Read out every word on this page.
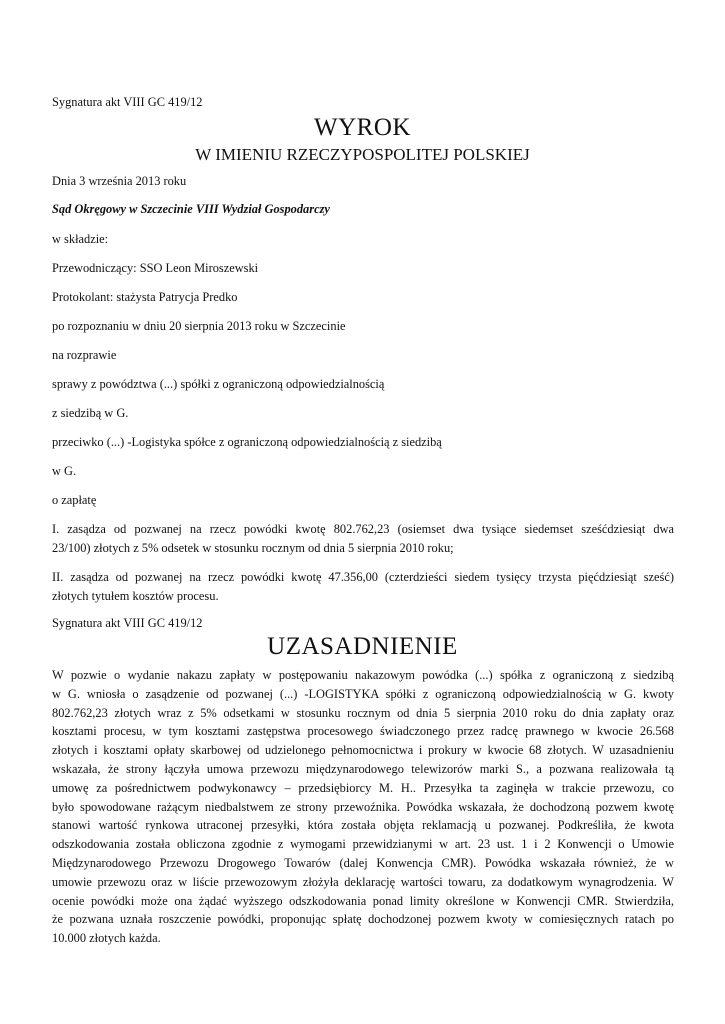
Sygnatura akt VIII GC 419/12
WYROK
W IMIENIU RZECZYPOSPOLITEJ POLSKIEJ
Dnia 3 września 2013 roku
Sąd Okręgowy w Szczecinie VIII Wydział Gospodarczy
w składzie:
Przewodniczący: SSO Leon Miroszewski
Protokolant: stażysta Patrycja Predko
po rozpoznaniu w dniu 20 sierpnia 2013 roku w Szczecinie
na rozprawie
sprawy z powództwa (...) spółki z ograniczoną odpowiedzialnością
z siedzibą w G.
przeciwko (...) -Logistyka spółce z ograniczoną odpowiedzialnością z siedzibą
w G.
o zapłatę
I. zasądza od pozwanej na rzecz powódki kwotę 802.762,23 (osiemset dwa tysiące siedemset sześćdziesiąt dwa
23/100) złotych z 5% odsetek w stosunku rocznym od dnia 5 sierpnia 2010 roku;
II. zasądza od pozwanej na rzecz powódki kwotę 47.356,00 (czterdzieści siedem tysięcy trzysta pięćdziesiąt sześć)
złotych tytułem kosztów procesu.
Sygnatura akt VIII GC 419/12
UZASADNIENIE
W pozwie o wydanie nakazu zapłaty w postępowaniu nakazowym powódka (...) spółka z ograniczoną z siedzibą
w G. wniosła o zasądzenie od pozwanej (...) -LOGISTYKA spółki z ograniczoną odpowiedzialnością w G. kwoty
802.762,23 złotych wraz z 5% odsetkami w stosunku rocznym od dnia 5 sierpnia 2010 roku do dnia zapłaty oraz
kosztami procesu, w tym kosztami zastępstwa procesowego świadczonego przez radcę prawnego w kwocie 26.568
złotych i kosztami opłaty skarbowej od udzielonego pełnomocnictwa i prokury w kwocie 68 złotych. W uzasadnieniu
wskazała, że strony łączyła umowa przewozu międzynarodowego telewizorów marki S., a pozwana realizowała tą
umowę za pośrednictwem podwykonawcy – przedsiębiorcy M. H.. Przesyłka ta zaginęła w trakcie przewozu, co
było spowodowane rażącym niedbalstwem ze strony przewoźnika. Powódka wskazała, że dochodzoną pozwem kwotę
stanowi wartość rynkowa utraconej przesyłki, która została objęta reklamacją u pozwanej. Podkreśliła, że kwota
odszkodowania została obliczona zgodnie z wymogami przewidzianymi w art. 23 ust. 1 i 2 Konwencji o Umowie
Międzynarodowego Przewozu Drogowego Towarów (dalej Konwencja CMR). Powódka wskazała również, że w
umowie przewozu oraz w liście przewozowym złożyła deklarację wartości towaru, za dodatkowym wynagrodzenia. W
ocenie powódki może ona żądać wyższego odszkodowania ponad limity określone w Konwencji CMR. Stwierdziła,
że pozwana uznała roszczenie powódki, proponując spłatę dochodzonej pozwem kwoty w comiesięcznych ratach po
10.000 złotych każda.
